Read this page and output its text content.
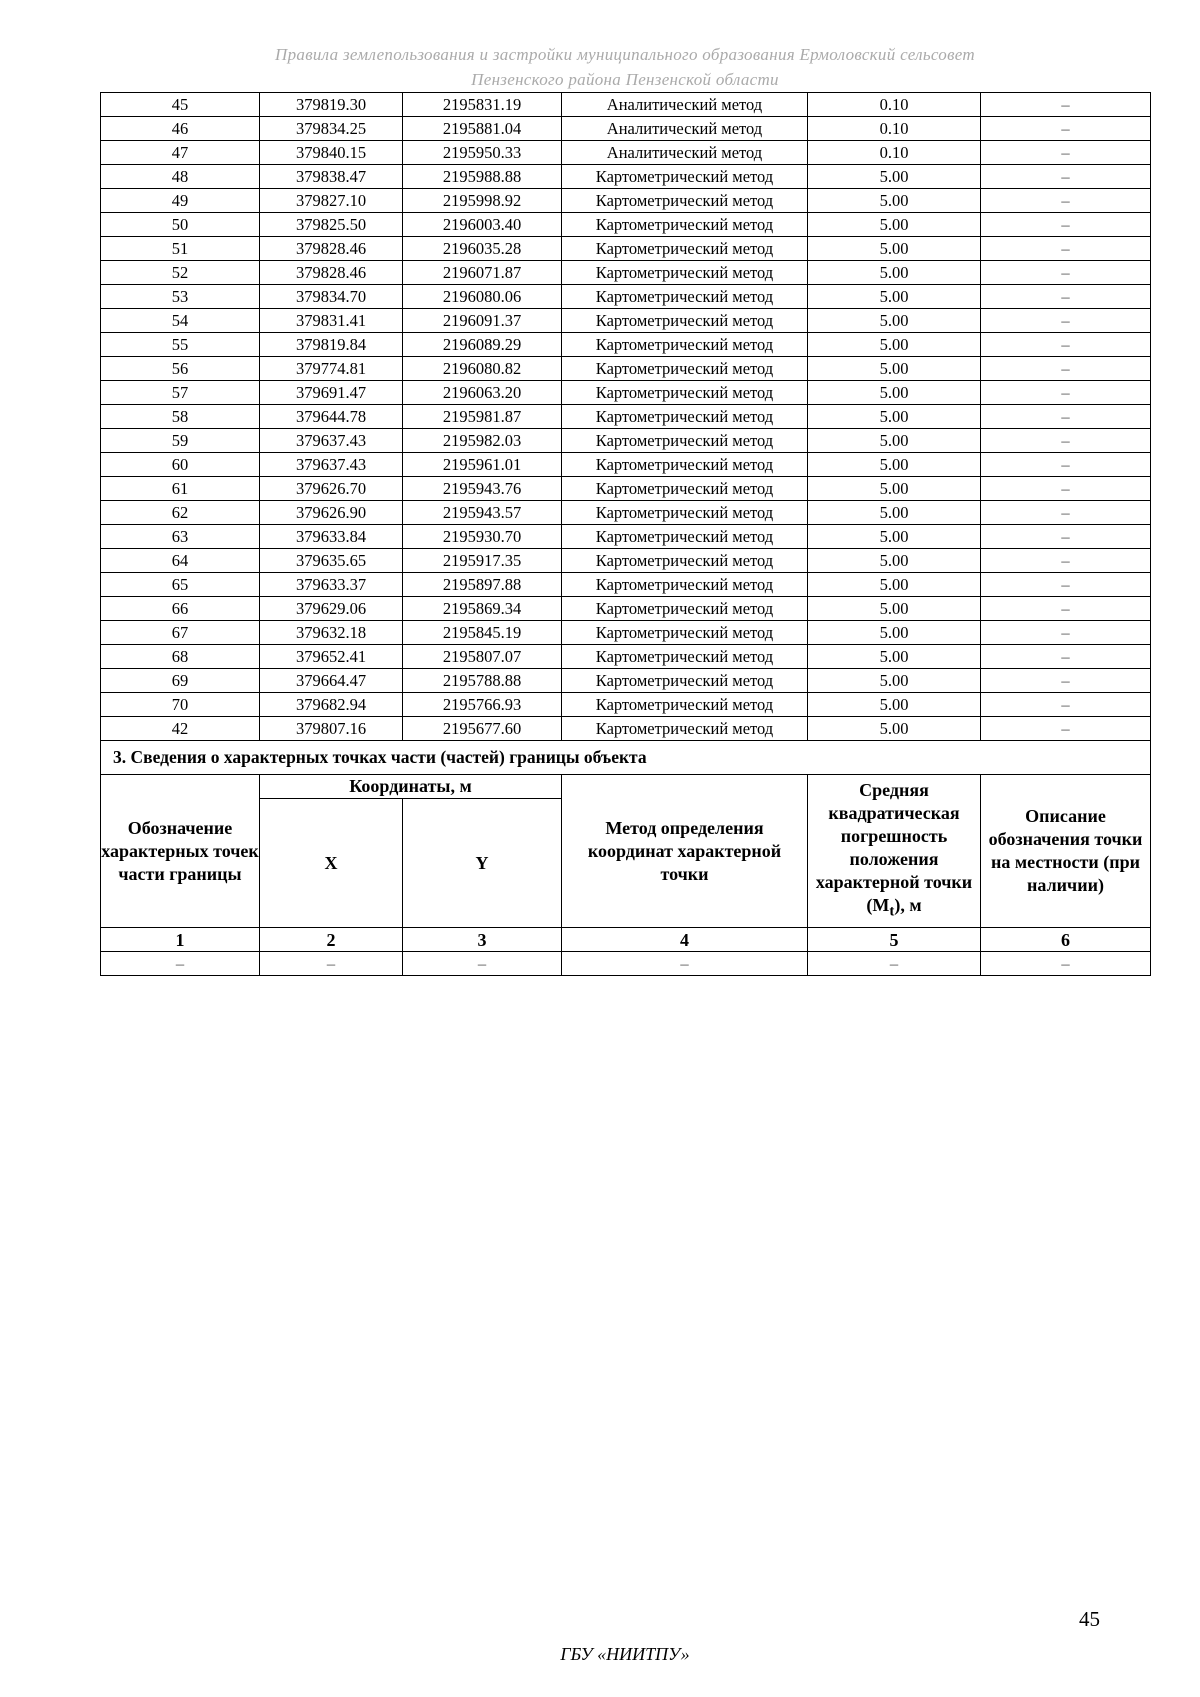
Правила землепользования и застройки муниципального образования Ермоловский сельсовет
Пензенского района Пензенской области
45	379819.30	2195831.19	Аналитический метод	0.10	–
46	379834.25	2195881.04	Аналитический метод	0.10	–
47	379840.15	2195950.33	Аналитический метод	0.10	–
48	379838.47	2195988.88	Картометрический метод	5.00	–
49	379827.10	2195998.92	Картометрический метод	5.00	–
50	379825.50	2196003.40	Картометрический метод	5.00	–
51	379828.46	2196035.28	Картометрический метод	5.00	–
52	379828.46	2196071.87	Картометрический метод	5.00	–
53	379834.70	2196080.06	Картометрический метод	5.00	–
54	379831.41	2196091.37	Картометрический метод	5.00	–
55	379819.84	2196089.29	Картометрический метод	5.00	–
56	379774.81	2196080.82	Картометрический метод	5.00	–
57	379691.47	2196063.20	Картометрический метод	5.00	–
58	379644.78	2195981.87	Картометрический метод	5.00	–
59	379637.43	2195982.03	Картометрический метод	5.00	–
60	379637.43	2195961.01	Картометрический метод	5.00	–
61	379626.70	2195943.76	Картометрический метод	5.00	–
62	379626.90	2195943.57	Картометрический метод	5.00	–
63	379633.84	2195930.70	Картометрический метод	5.00	–
64	379635.65	2195917.35	Картометрический метод	5.00	–
65	379633.37	2195897.88	Картометрический метод	5.00	–
66	379629.06	2195869.34	Картометрический метод	5.00	–
67	379632.18	2195845.19	Картометрический метод	5.00	–
68	379652.41	2195807.07	Картометрический метод	5.00	–
69	379664.47	2195788.88	Картометрический метод	5.00	–
70	379682.94	2195766.93	Картометрический метод	5.00	–
42	379807.16	2195677.60	Картометрический метод	5.00	–
3. Сведения о характерных точках части (частей) границы объекта					
Обозначение характерных точек части границы	Координаты, м		Метод определения координат характерной точки	Средняя квадратическая погрешность положения характерной точки $(M_t)$, м	Описание обозначения точки на местности (при наличии)
	X	Y			
1	2	3	4	5	6
–	–	–	–	–	–
45
ГБУ «НИИТПУ»
